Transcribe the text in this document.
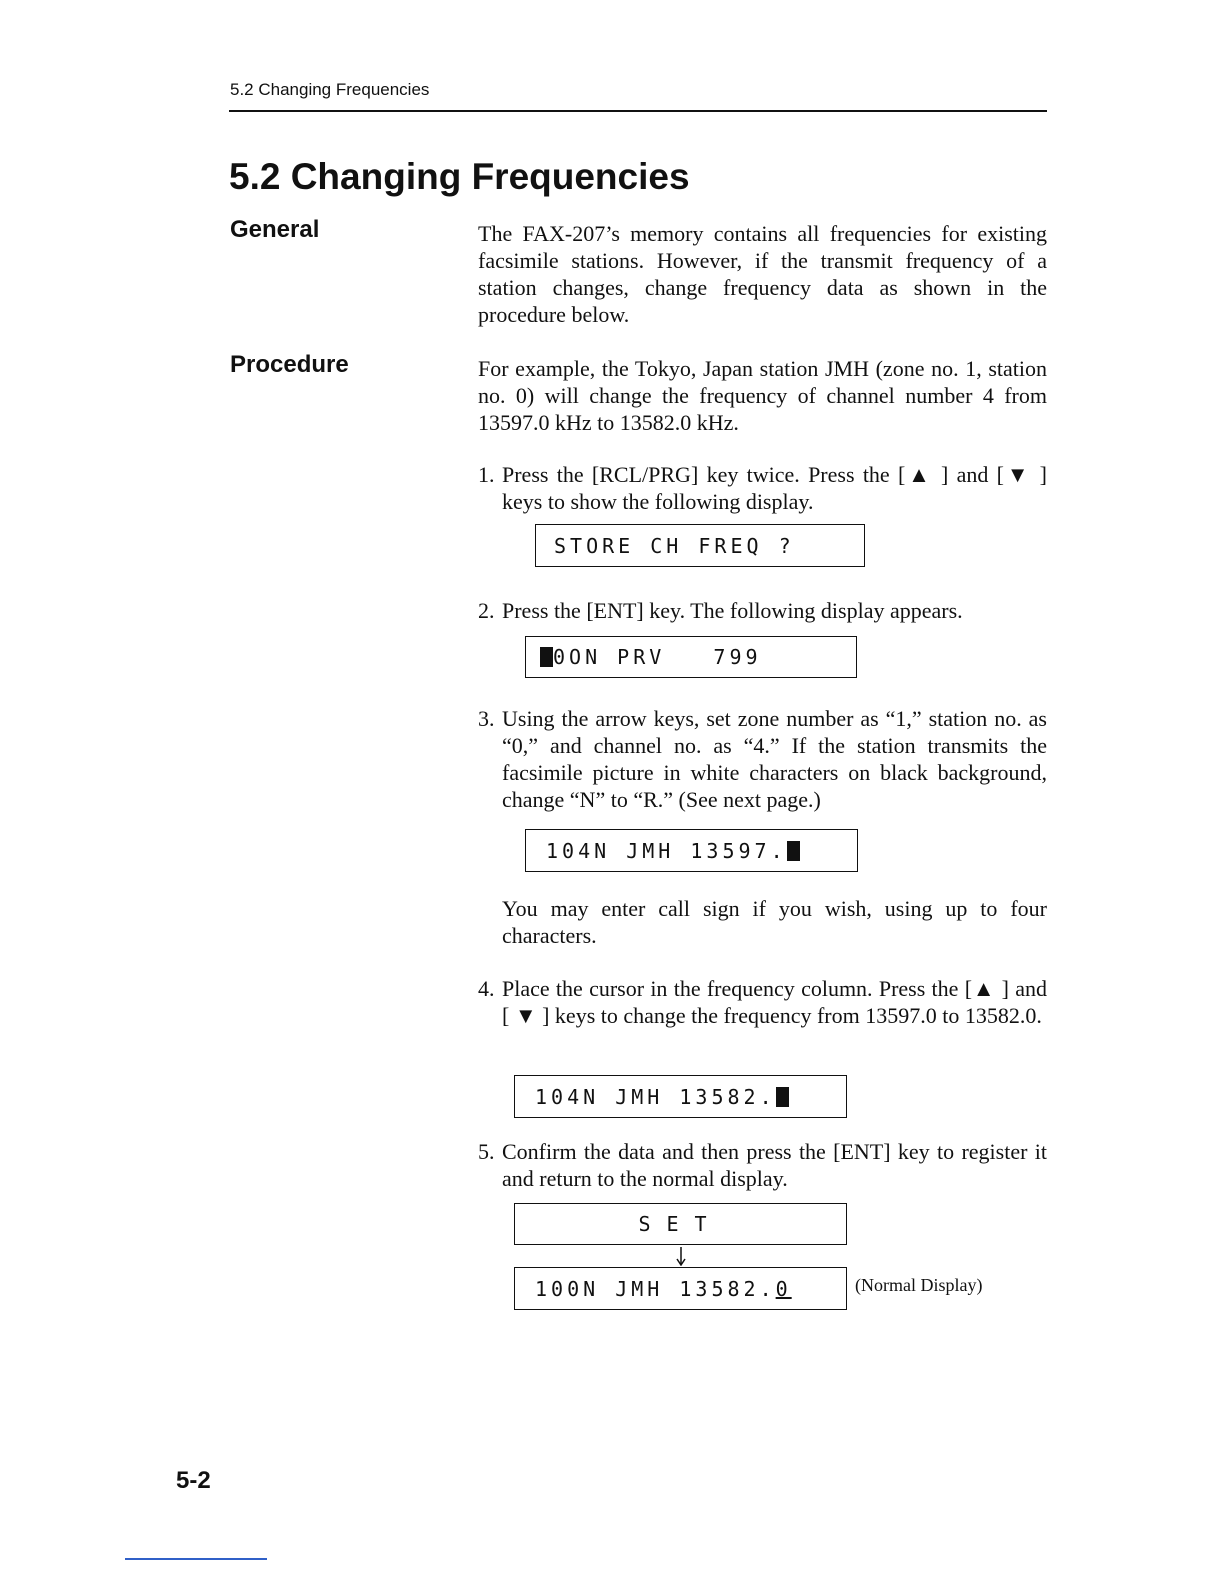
5.2 Changing Frequencies
5.2 Changing Frequencies
General	The FAX-207’s memory contains all frequencies for existing facsimile stations. However, if the transmit frequency of a station changes, change frequency data as shown in the procedure below.

Procedure	For example, the Tokyo, Japan station JMH (zone no. 1, station no. 0) will change the frequency of channel number 4 from 13597.0 kHz to 13582.0 kHz.

1. Press the [RCL/PRG] key twice. Press the [▲ ] and [▼ ] keys to show the following display.
STORE CH FREQ ?
2. Press the [ENT] key. The following display appears.
0ON PRV   799
3. Using the arrow keys, set zone number as “1,” station no. as “0,” and channel no. as “4.” If the station transmits the facsimile picture in white characters on black background, change “N” to “R.” (See next page.)
104N JMH 13597.
You may enter call sign if you wish, using up to four characters.
4. Place the cursor in the frequency column. Press the [▲ ] and [ ▼ ] keys to change the frequency from 13597.0 to 13582.0.
104N JMH 13582.
5. Confirm the data and then press the [ENT] key to register it and return to the normal display.
SET
100N JMH 13582. 0	(Normal Display)
5-2
